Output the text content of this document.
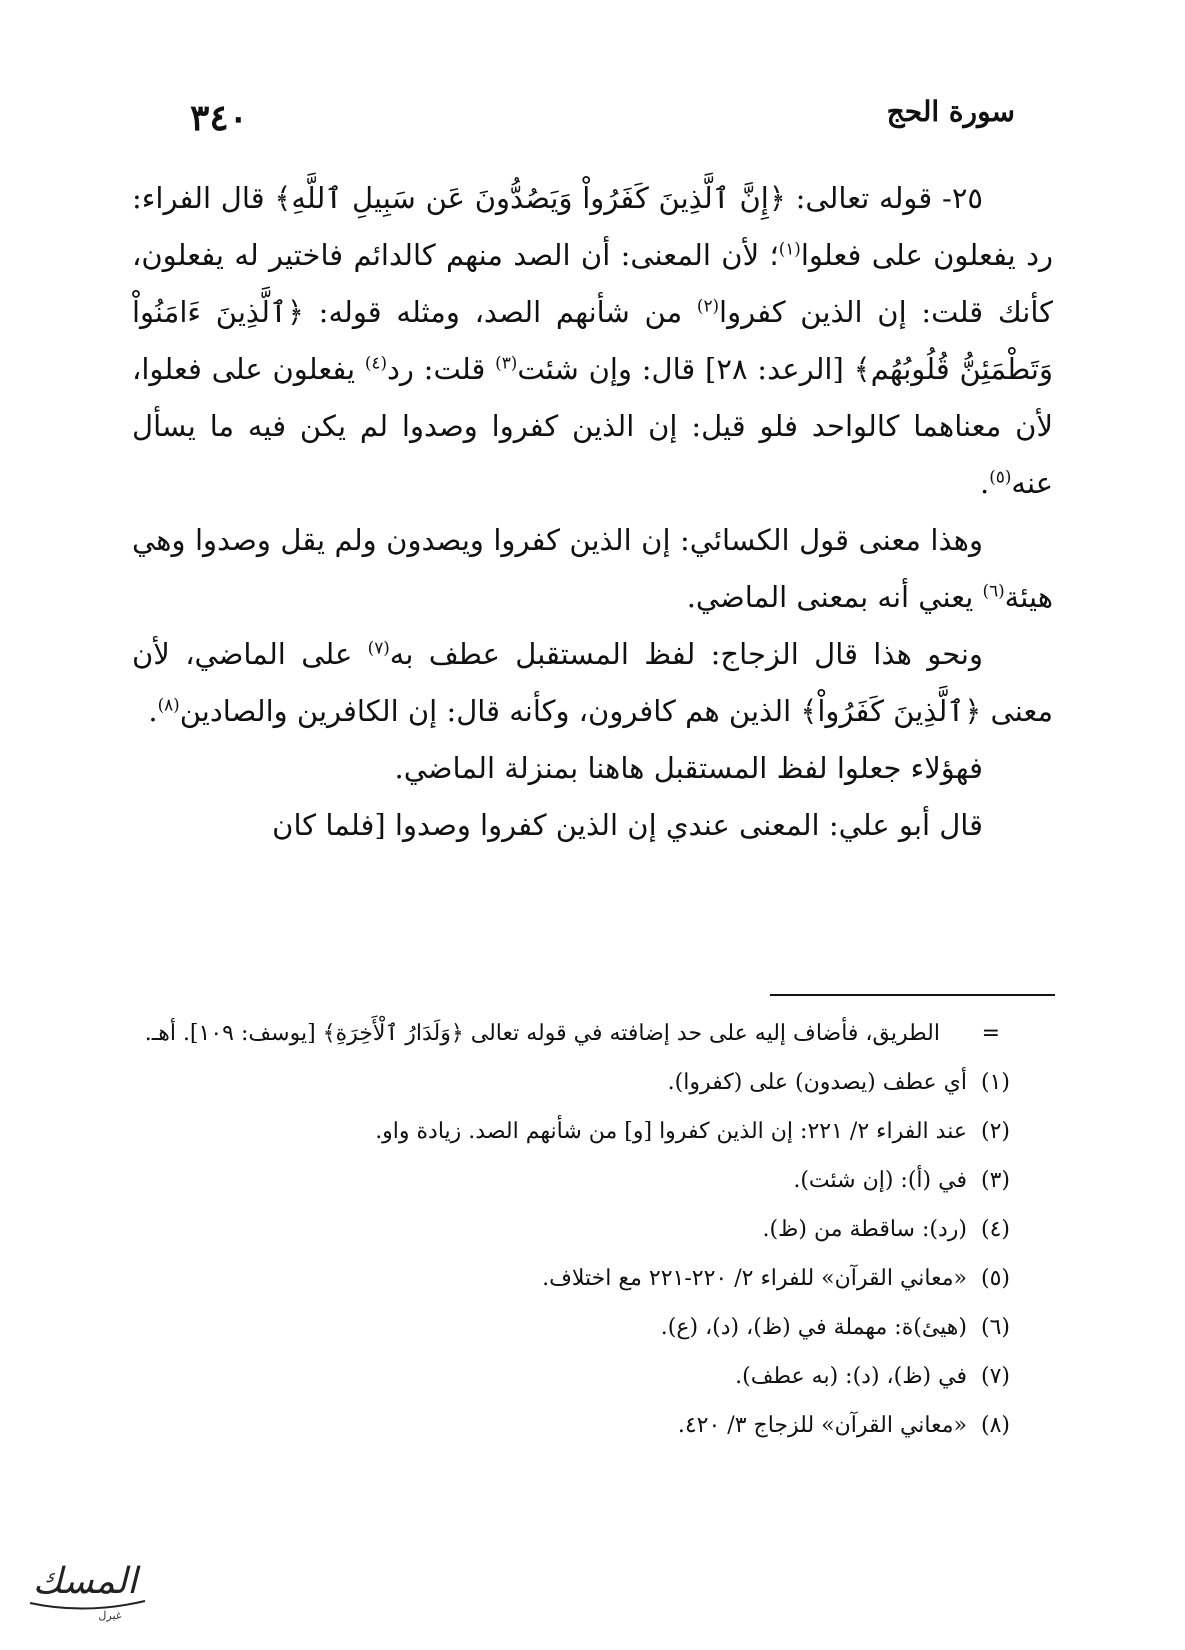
٣٤٠	سورة الحج

٢٥- قوله تعالى: ﴿إِنَّ ٱلَّذِينَ كَفَرُواْ وَيَصُدُّونَ عَن سَبِيلِ ٱللَّهِ﴾ قال الفراء: رد يفعلون على فعلوا$^{(١)}$؛ لأن المعنى: أن الصد منهم كالدائم فاختير له يفعلون، كأنك قلت: إن الذين كفروا$^{(٢)}$ من شأنهم الصد، ومثله قوله: ﴿ٱلَّذِينَ ءَامَنُواْ وَتَطْمَئِنُّ قُلُوبُهُم﴾ [الرعد: ٢٨] قال: وإن شئت$^{(٣)}$ قلت: رد$^{(٤)}$ يفعلون على فعلوا، لأن معناهما كالواحد فلو قيل: إن الذين كفروا وصدوا لم يكن فيه ما يسأل عنه$^{(٥)}$.

وهذا معنى قول الكسائي: إن الذين كفروا ويصدون ولم يقل وصدوا وهي هيئة$^{(٦)}$ يعني أنه بمعنى الماضي.

ونحو هذا قال الزجاج: لفظ المستقبل عطف به$^{(٧)}$ على الماضي، لأن معنى ﴿ٱلَّذِينَ كَفَرُواْ﴾ الذين هم كافرون، وكأنه قال: إن الكافرين والصادين$^{(٨)}$.

فهؤلاء جعلوا لفظ المستقبل هاهنا بمنزلة الماضي.

قال أبو علي: المعنى عندي إن الذين كفروا وصدوا [فلما كان

=
الطريق، فأضاف إليه على حد إضافته في قوله تعالى ﴿وَلَدَارُ ٱلْأَخِرَةِ﴾ [يوسف: ١٠٩]. أهـ.

(١)أي عطف (يصدون) على (كفروا).

(٢)عند الفراء ٢/ ٢٢١: إن الذين كفروا [و] من شأنهم الصد. زيادة واو.

(٣)في (أ): (إن شئت).

(٤)(رد): ساقطة من (ظ).

(٥)«معاني القرآن» للفراء ٢/ ٢٢٠-٢٢١ مع اختلاف.

(٦)(هيئ)ة: مهملة في (ظ)، (د)، (ع).

(٧)في (ظ)، (د): (به عطف).

(٨)«معاني القرآن» للزجاج ٣/ ٤٢٠.

المسك
غيرل
